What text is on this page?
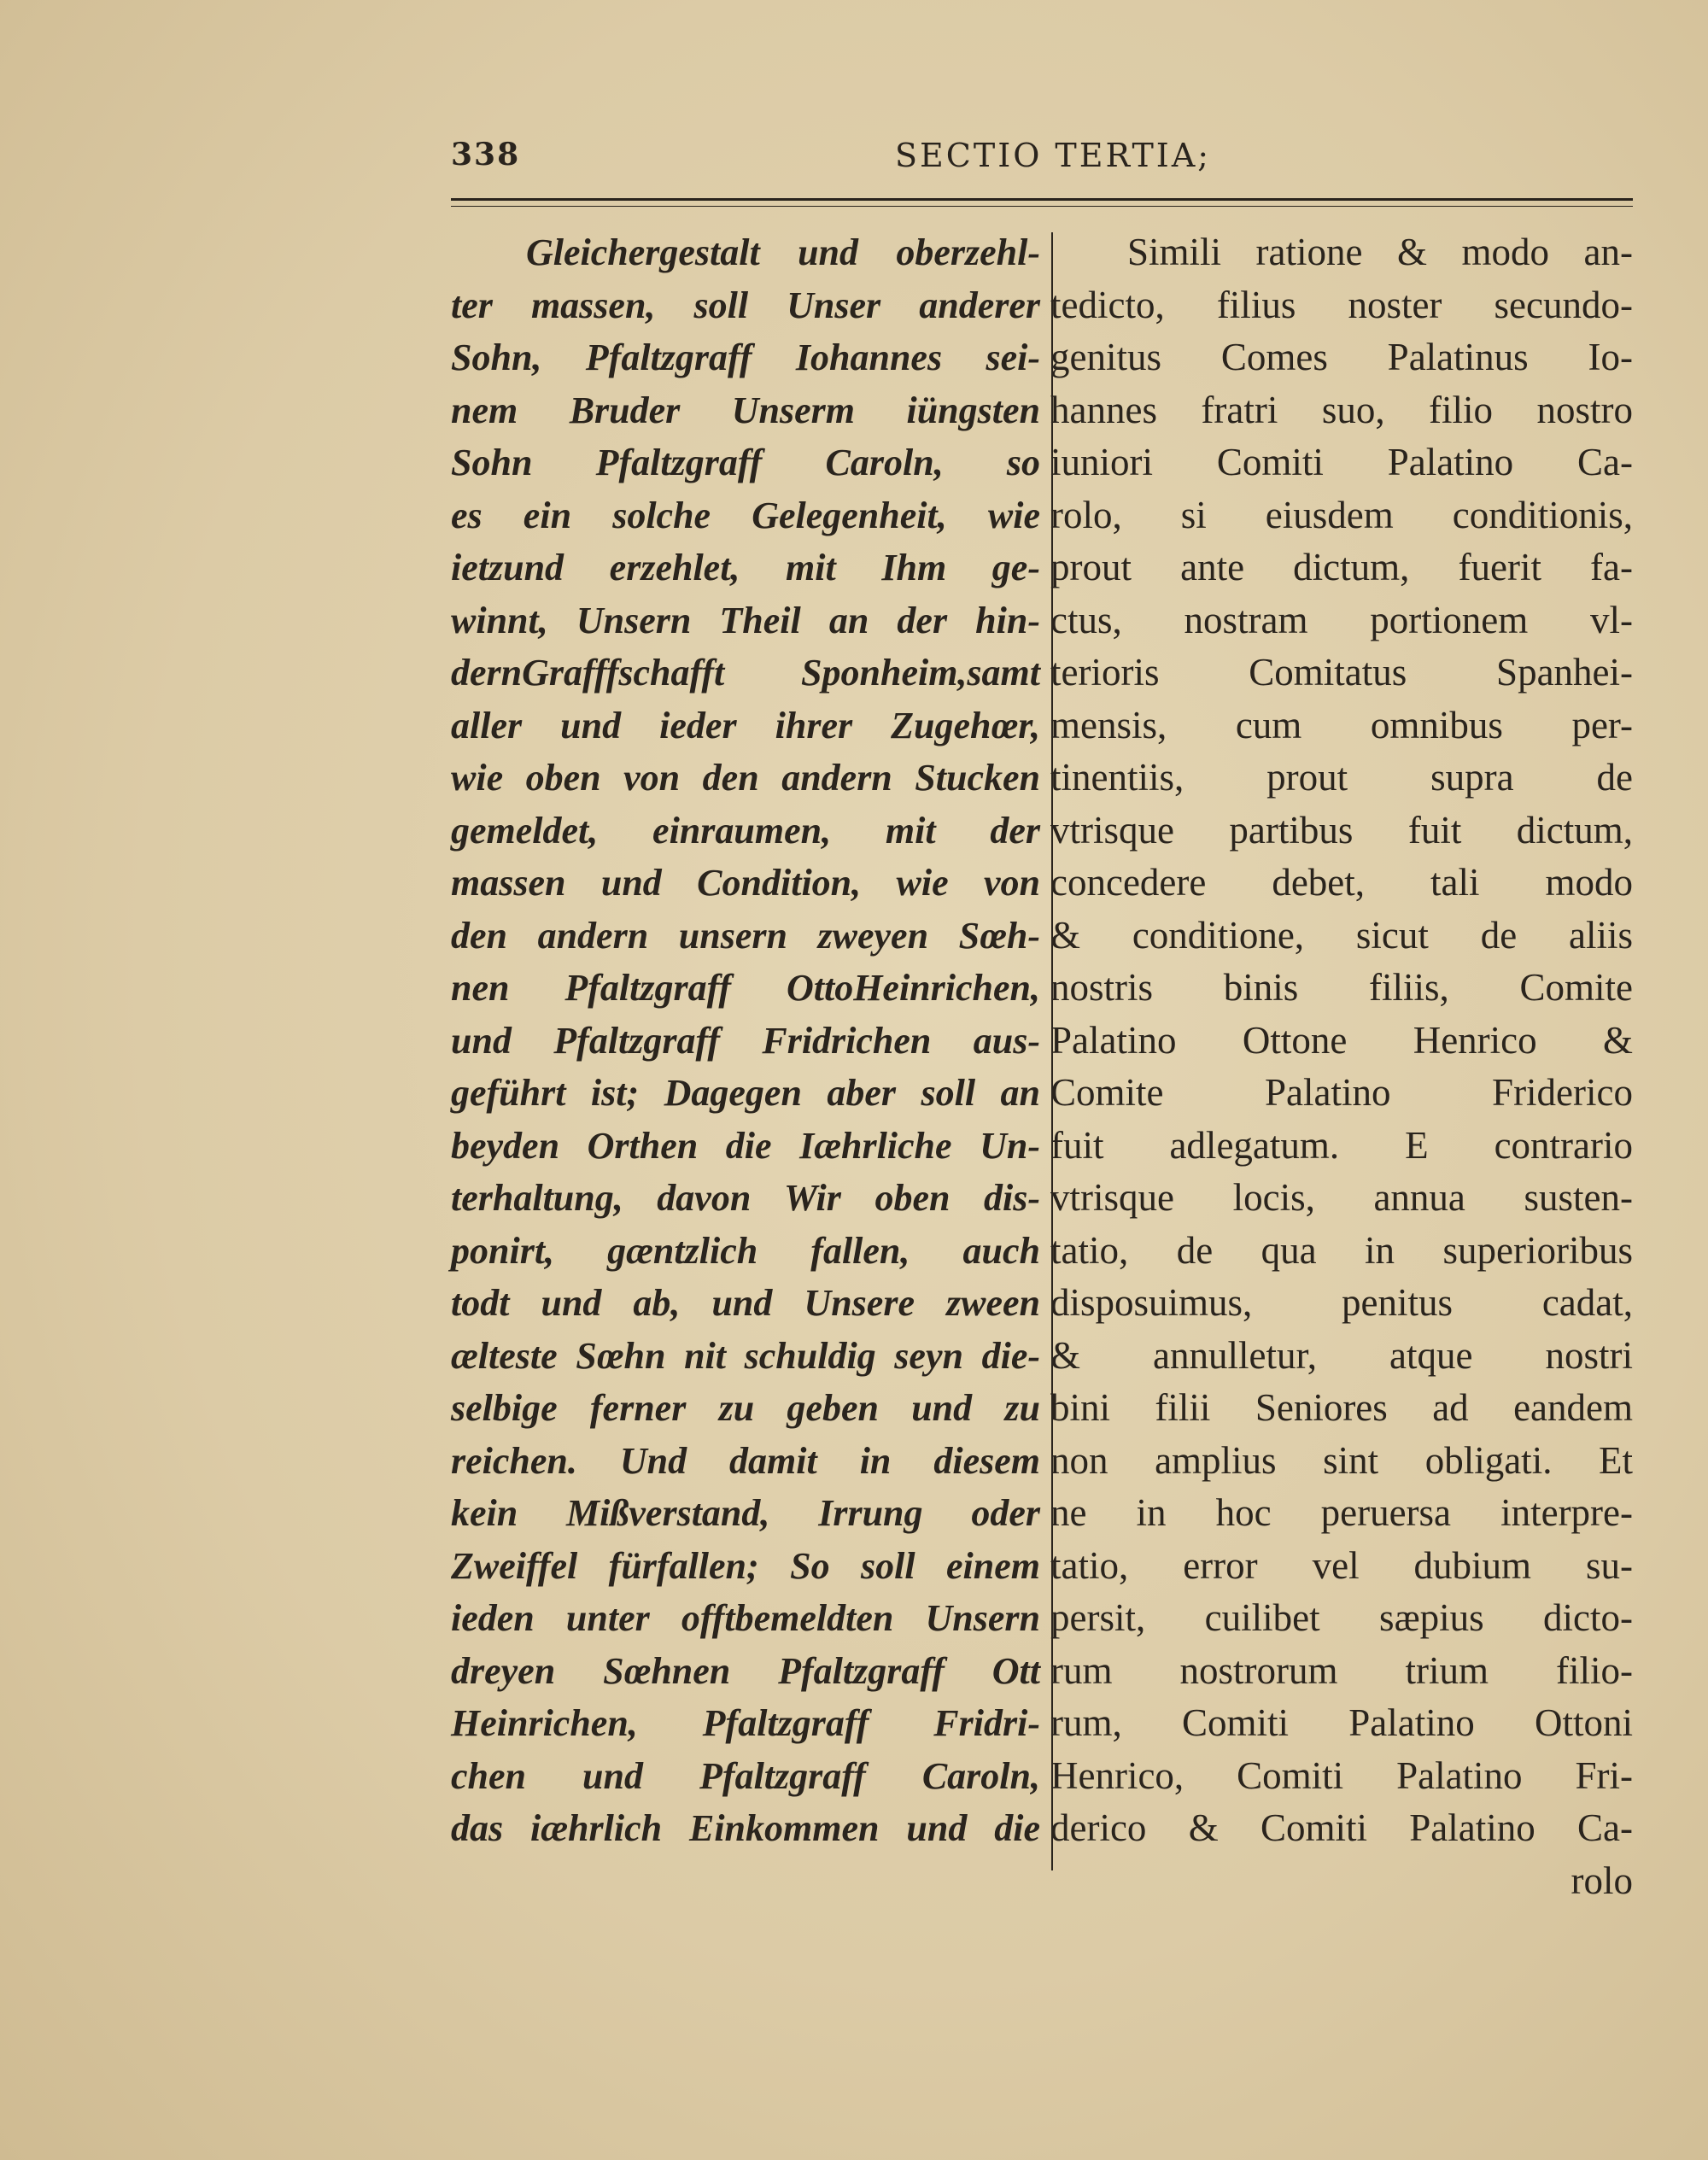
338	SECTIO TERTIA;
  Gleichergestalt und oberzehl-
ter massen, soll Unser anderer
Sohn, Pfaltzgraff Iohannes sei-
nem Bruder Unserm iüngsten
Sohn Pfaltzgraff Caroln, so
es ein solche Gelegenheit, wie
ietzund erzehlet, mit Ihm ge-
winnt, Unsern Theil an der hin-
dernGrafffschafft Sponheim,samt
aller und ieder ihrer Zugehœr,
wie oben von den andern Stucken
gemeldet, einraumen, mit der
massen und Condition, wie von
den andern unsern zweyen Sœh-
nen Pfaltzgraff OttoHeinrichen,
und Pfaltzgraff Fridrichen aus-
geführt ist; Dagegen aber soll an
beyden Orthen die Iæhrliche Un-
terhaltung, davon Wir oben dis-
ponirt, gæntzlich fallen, auch
todt und ab, und Unsere zween
ælteste Sœhn nit schuldig seyn die-
selbige ferner zu geben und zu
reichen. Und damit in diesem
kein Mißverstand, Irrung oder
Zweiffel fürfallen; So soll einem
ieden unter offtbemeldten Unsern
dreyen Sœhnen Pfaltzgraff Ott
Heinrichen, Pfaltzgraff Fridri-
chen und Pfaltzgraff Caroln,
das iæhrlich Einkommen und die
  Simili ratione & modo an-
tedicto, filius noster secundo-
genitus Comes Palatinus Io-
hannes fratri suo, filio nostro
iuniori Comiti Palatino Ca-
rolo, si eiusdem conditionis,
prout ante dictum, fuerit fa-
ctus, nostram portionem vl-
terioris Comitatus Spanhei-
mensis, cum omnibus per-
tinentiis, prout supra de
vtrisque partibus fuit dictum,
concedere debet, tali modo
& conditione, sicut de aliis
nostris binis filiis, Comite
Palatino Ottone Henrico &
Comite Palatino Friderico
fuit adlegatum. E contrario
vtrisque locis, annua susten-
tatio, de qua in superioribus
disposuimus, penitus cadat,
& annulletur, atque nostri
bini filii Seniores ad eandem
non amplius sint obligati. Et
ne in hoc peruersa interpre-
tatio, error vel dubium su-
persit, cuilibet sæpius dicto-
rum nostrorum trium filio-
rum, Comiti Palatino Ottoni
Henrico, Comiti Palatino Fri-
derico & Comiti Palatino Ca-
rolo
